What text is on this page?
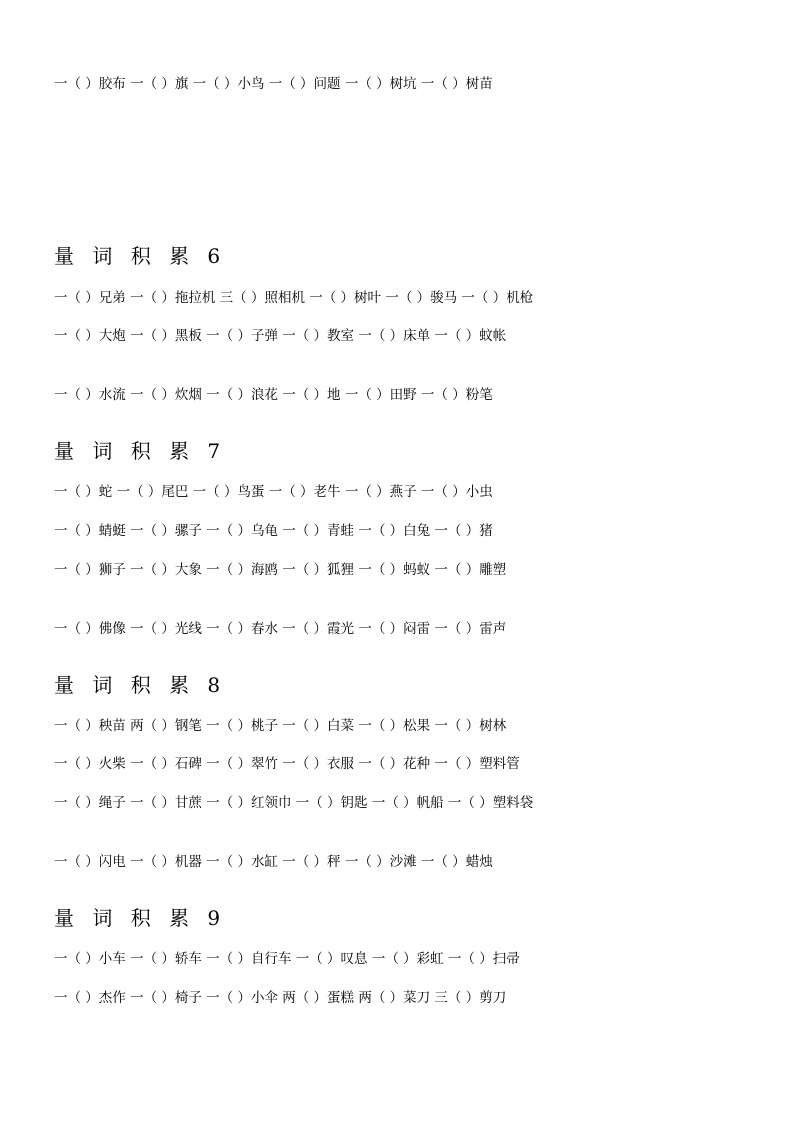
一（ ）胶布 一（ ）旗 一（ ）小鸟 一（ ）问题 一（ ）树坑 一（ ）树苗
量 词 积 累 6
一（ ）兄弟 一（ ）拖拉机 三（ ）照相机 一（ ）树叶 一（ ）骏马 一（ ）机枪
一（ ）大炮 一（ ）黑板 一（ ）子弹 一（ ）教室 一（ ）床单 一（ ）蚊帐
一（ ）水流 一（ ）炊烟 一（ ）浪花 一（ ）地 一（ ）田野 一（ ）粉笔
量 词 积 累 7
一（ ）蛇 一（ ）尾巴 一（ ）鸟蛋 一（ ）老牛 一（ ）燕子 一（ ）小虫
一（ ）蜻蜓 一（ ）骡子 一（ ）乌龟 一（ ）青蛙 一（ ）白兔 一（ ）猪
一（ ）狮子 一（ ）大象 一（ ）海鸥 一（ ）狐狸 一（ ）蚂蚁 一（ ）雕塑
一（ ）佛像 一（ ）光线 一（ ）春水 一（ ）霞光 一（ ）闷雷 一（ ）雷声
量 词 积 累 8
一（ ）秧苗 两（ ）钢笔 一（ ）桃子 一（ ）白菜 一（ ）松果 一（ ）树林
一（ ）火柴 一（ ）石碑 一（ ）翠竹 一（ ）衣服 一（ ）花种 一（ ）塑料管
一（ ）绳子 一（ ）甘蔗 一（ ）红领巾 一（ ）钥匙 一（ ）帆船 一（ ）塑料袋
一（ ）闪电 一（ ）机器 一（ ）水缸 一（ ）秤 一（ ）沙滩 一（ ）蜡烛
量 词 积 累 9
一（ ）小车 一（ ）轿车 一（ ）自行车 一（ ）叹息 一（ ）彩虹 一（ ）扫帚
一（ ）杰作 一（ ）椅子 一（ ）小伞 两（ ）蛋糕 两（ ）菜刀 三（ ）剪刀
